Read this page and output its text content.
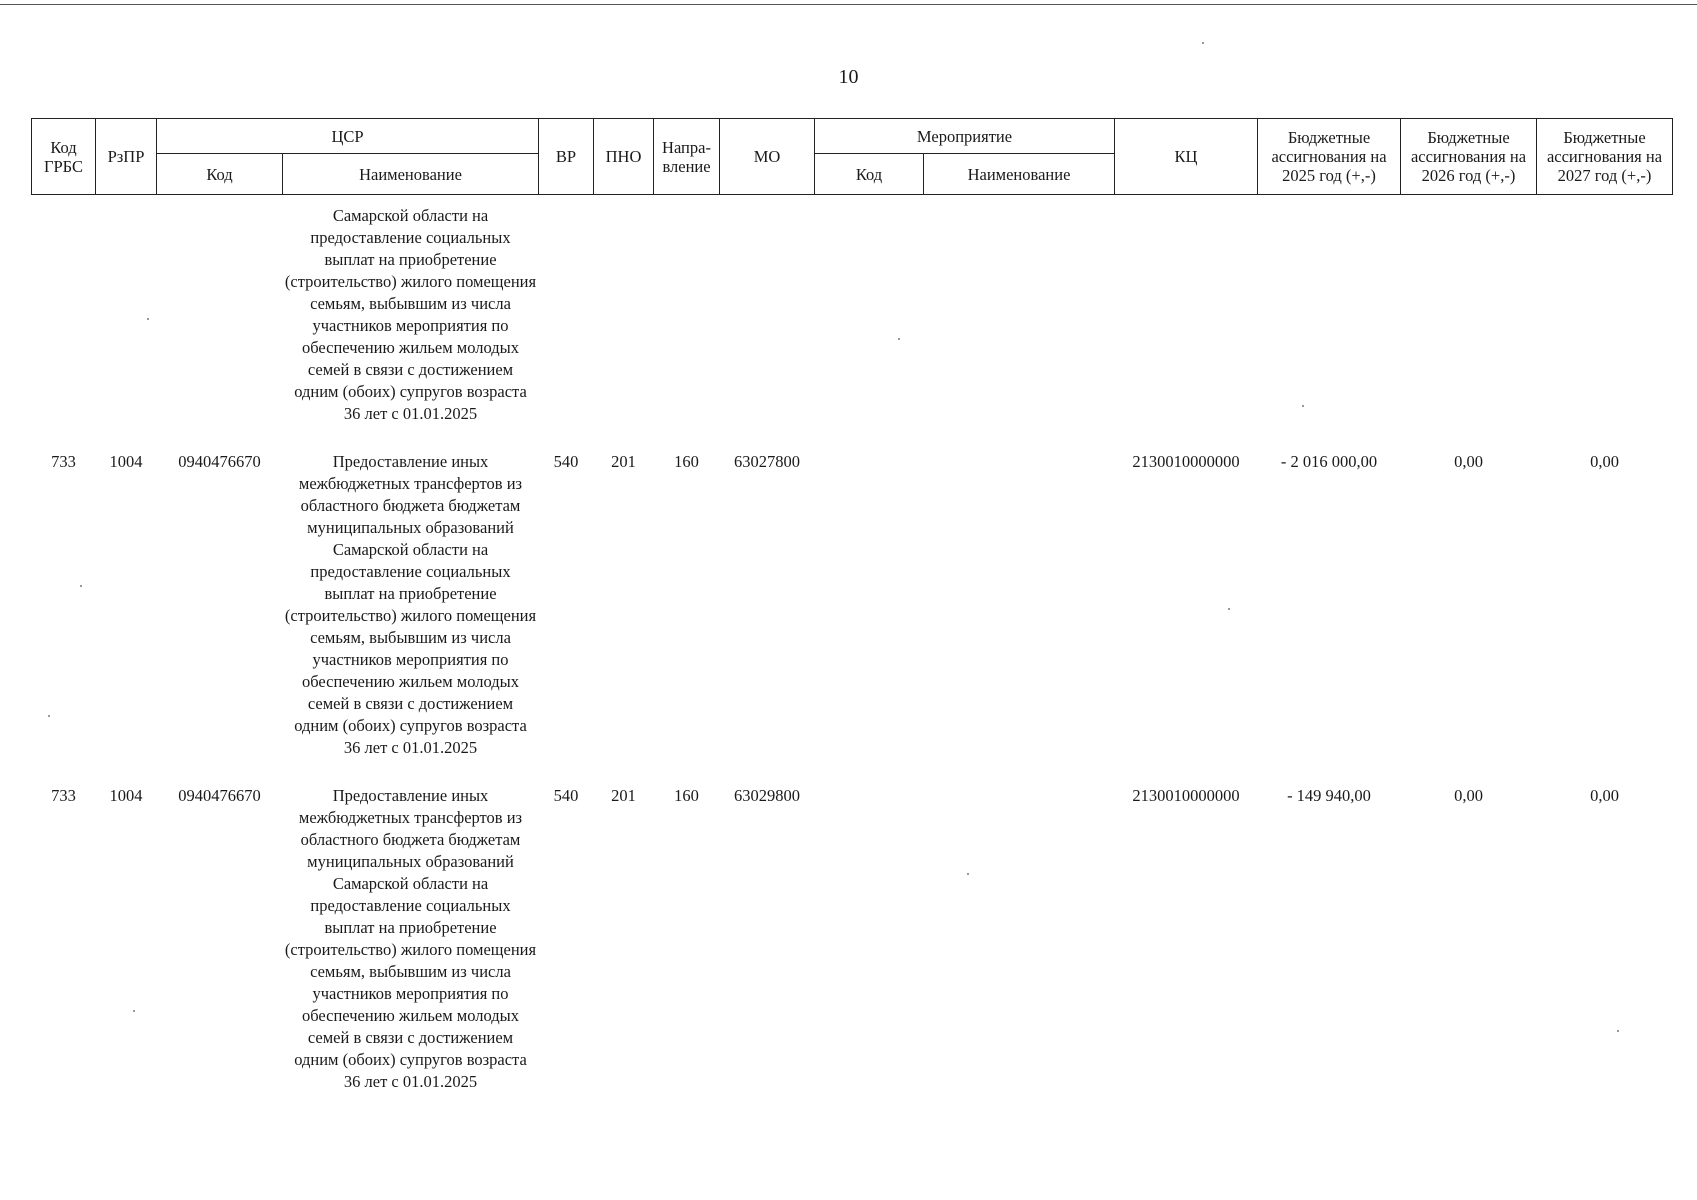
10
Код ГРБС	РзПР	ЦСР		ВР	ПНО	Напра-вление	МО	Мероприятие		КЦ	Бюджетные ассигнования на 2025 год (+,-)	Бюджетные ассигнования на 2026 год (+,-)	Бюджетные ассигнования на 2027 год (+,-)
		Код	Наименование					Код	Наименование				
			Самарской области на предоставление социальных выплат на приобретение (строительство) жилого помещения семьям, выбывшим из числа участников мероприятия по обеспечению жильем молодых семей в связи с достижением одним (обоих) супругов возраста 36 лет с 01.01.2025										
733	1004	0940476670	Предоставление иных межбюджетных трансфертов из областного бюджета бюджетам муниципальных образований Самарской области на предоставление социальных выплат на приобретение (строительство) жилого помещения семьям, выбывшим из числа участников мероприятия по обеспечению жильем молодых семей в связи с достижением одним (обоих) супругов возраста 36 лет с 01.01.2025	540	201	160	63027800			2130010000000	- 2 016 000,00	0,00	0,00
733	1004	0940476670	Предоставление иных межбюджетных трансфертов из областного бюджета бюджетам муниципальных образований Самарской области на предоставление социальных выплат на приобретение (строительство) жилого помещения семьям, выбывшим из числа участников мероприятия по обеспечению жильем молодых семей в связи с достижением одним (обоих) супругов возраста 36 лет с 01.01.2025	540	201	160	63029800			2130010000000	- 149 940,00	0,00	0,00
